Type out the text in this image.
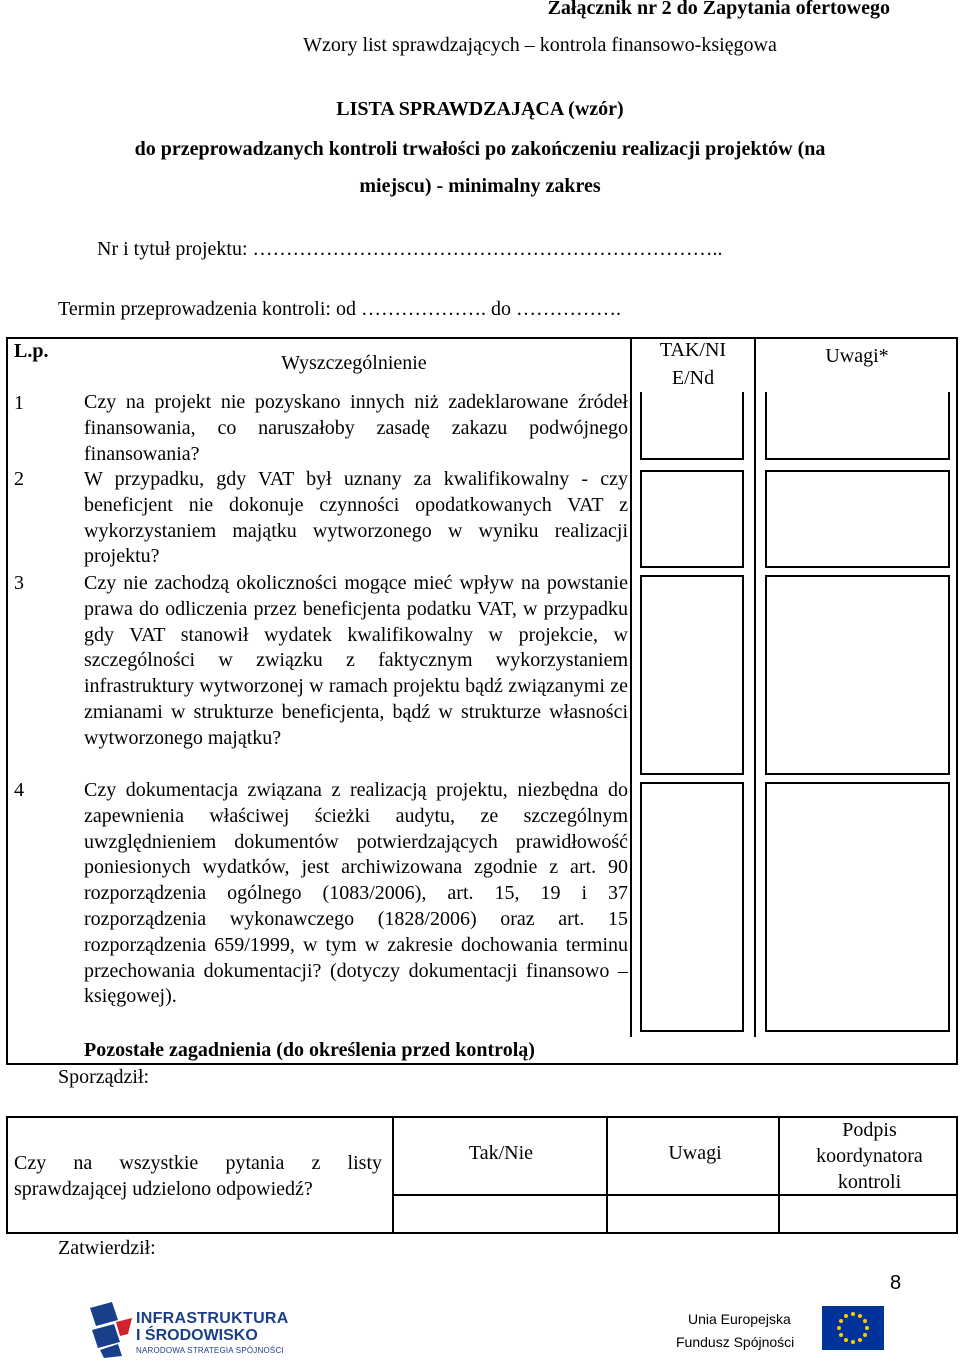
Załącznik nr 2 do Zapytania ofertowego
Wzory list sprawdzających – kontrola finansowo-księgowa
LISTA SPRAWDZAJĄCA (wzór)
do przeprowadzanych kontroli trwałości po zakończeniu realizacji projektów (na
miejscu) - minimalny zakres
Nr i tytuł projektu: ……………………………………………………………..
Termin przeprowadzenia kontroli: od ………………. do …………….
L.p.
Wyszczególnienie
TAK/NI
E/Nd
Uwagi*
1	Czy na projekt nie pozyskano innych niż zadeklarowane źródeł finansowania, co naruszałoby zasadę zakazu podwójnego finansowania?
2	W przypadku, gdy VAT był uznany za kwalifikowalny - czy beneficjent nie dokonuje czynności opodatkowanych VAT z wykorzystaniem majątku wytworzonego w wyniku realizacji projektu?
3	Czy nie zachodzą okoliczności mogące mieć wpływ na powstanie prawa do odliczenia przez beneficjenta podatku VAT, w przypadku gdy VAT stanowił wydatek kwalifikowalny w projekcie, w szczególności w związku z faktycznym wykorzystaniem infrastruktury wytworzonej w ramach projektu bądź związanymi ze zmianami w strukturze beneficjenta, bądź w strukturze własności wytworzonego majątku?
4	Czy dokumentacja związana z realizacją projektu, niezbędna do zapewnienia właściwej ścieżki audytu, ze szczególnym uwzględnieniem dokumentów potwierdzających prawidłowość poniesionych wydatków, jest archiwizowana zgodnie z art. 90 rozporządzenia ogólnego (1083/2006), art. 15, 19 i 37 rozporządzenia wykonawczego (1828/2006) oraz art. 15 rozporządzenia 659/1999, w tym w zakresie dochowania terminu przechowania dokumentacji? (dotyczy dokumentacji finansowo – księgowej).
Pozostałe zagadnienia (do określenia przed kontrolą)
Sporządził:
Czy na wszystkie pytania z listy sprawdzającej udzielono odpowiedź?
Tak/Nie	Uwagi
Podpis
koordynatora
kontroli
Zatwierdził:
8
INFRASTRUKTURA
I ŚRODOWISKO
NARODOWA STRATEGIA SPÓJNOŚCI
Unia Europejska
Fundusz Spójności
